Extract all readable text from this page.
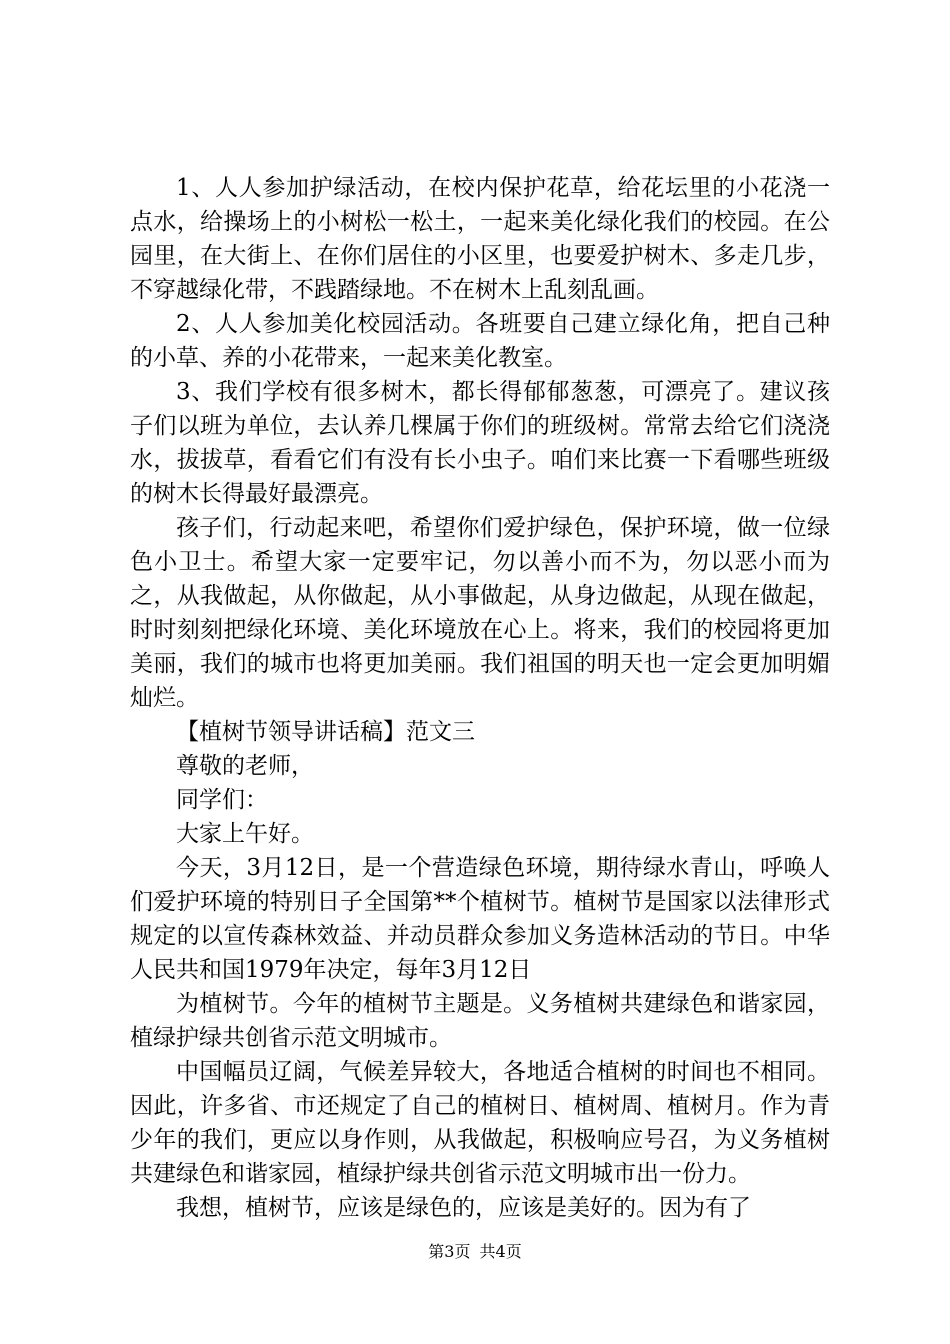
1、人人参加护绿活动，在校内保护花草，给花坛里的小花浇一点水，给操场上的小树松一松土，一起来美化绿化我们的校园。在公园里，在大街上、在你们居住的小区里，也要爱护树木、多走几步，不穿越绿化带，不践踏绿地。不在树木上乱刻乱画。

2、人人参加美化校园活动。各班要自己建立绿化角，把自己种的小草、养的小花带来，一起来美化教室。

3、我们学校有很多树木，都长得郁郁葱葱，可漂亮了。建议孩子们以班为单位，去认养几棵属于你们的班级树。常常去给它们浇浇水，拔拔草，看看它们有没有长小虫子。咱们来比赛一下看哪些班级的树木长得最好最漂亮。

孩子们，行动起来吧，希望你们爱护绿色，保护环境，做一位绿色小卫士。希望大家一定要牢记，勿以善小而不为，勿以恶小而为之，从我做起，从你做起，从小事做起，从身边做起，从现在做起，时时刻刻把绿化环境、美化环境放在心上。将来，我们的校园将更加美丽，我们的城市也将更加美丽。我们祖国的明天也一定会更加明媚灿烂。

【植树节领导讲话稿】范文三

尊敬的老师，

同学们：

大家上午好。

今天，3月12日，是一个营造绿色环境，期待绿水青山，呼唤人们爱护环境的特别日子全国第**个植树节。植树节是国家以法律形式规定的以宣传森林效益、并动员群众参加义务造林活动的节日。中华人民共和国1979年决定，每年3月12日

为植树节。今年的植树节主题是。义务植树共建绿色和谐家园，植绿护绿共创省示范文明城市。

中国幅员辽阔，气候差异较大，各地适合植树的时间也不相同。因此，许多省、市还规定了自己的植树日、植树周、植树月。作为青少年的我们，更应以身作则，从我做起，积极响应号召，为义务植树共建绿色和谐家园，植绿护绿共创省示范文明城市出一份力。

我想，植树节，应该是绿色的，应该是美好的。因为有了

第3页 共4页
